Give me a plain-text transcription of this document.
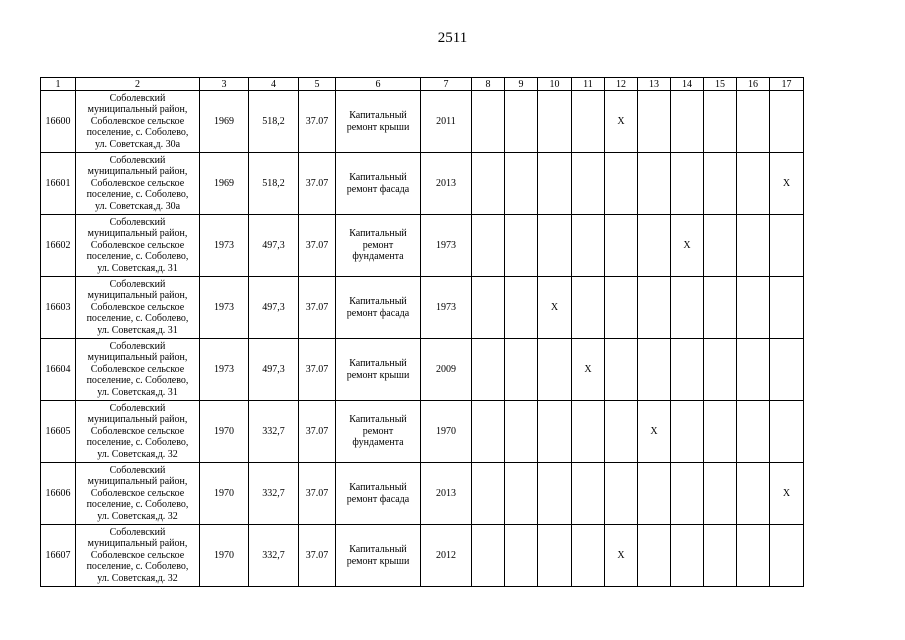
2511
1	2	3	4	5	6	7	8	9	10	11	12	13	14	15	16	17
16600	Соболевский
муниципальный район,
Соболевское сельское
поселение, с. Соболево,
ул. Советская,д. 30а	1969	518,2	37.07	Капитальный
ремонт крыши	2011					Х					
16601	Соболевский
муниципальный район,
Соболевское сельское
поселение, с. Соболево,
ул. Советская,д. 30а	1969	518,2	37.07	Капитальный
ремонт фасада	2013										Х
16602	Соболевский
муниципальный район,
Соболевское сельское
поселение, с. Соболево,
ул. Советская,д. 31	1973	497,3	37.07	Капитальный
ремонт
фундамента	1973							Х			
16603	Соболевский
муниципальный район,
Соболевское сельское
поселение, с. Соболево,
ул. Советская,д. 31	1973	497,3	37.07	Капитальный
ремонт фасада	1973			Х							
16604	Соболевский
муниципальный район,
Соболевское сельское
поселение, с. Соболево,
ул. Советская,д. 31	1973	497,3	37.07	Капитальный
ремонт крыши	2009				Х						
16605	Соболевский
муниципальный район,
Соболевское сельское
поселение, с. Соболево,
ул. Советская,д. 32	1970	332,7	37.07	Капитальный
ремонт
фундамента	1970						Х				
16606	Соболевский
муниципальный район,
Соболевское сельское
поселение, с. Соболево,
ул. Советская,д. 32	1970	332,7	37.07	Капитальный
ремонт фасада	2013										Х
16607	Соболевский
муниципальный район,
Соболевское сельское
поселение, с. Соболево,
ул. Советская,д. 32	1970	332,7	37.07	Капитальный
ремонт крыши	2012					Х					
